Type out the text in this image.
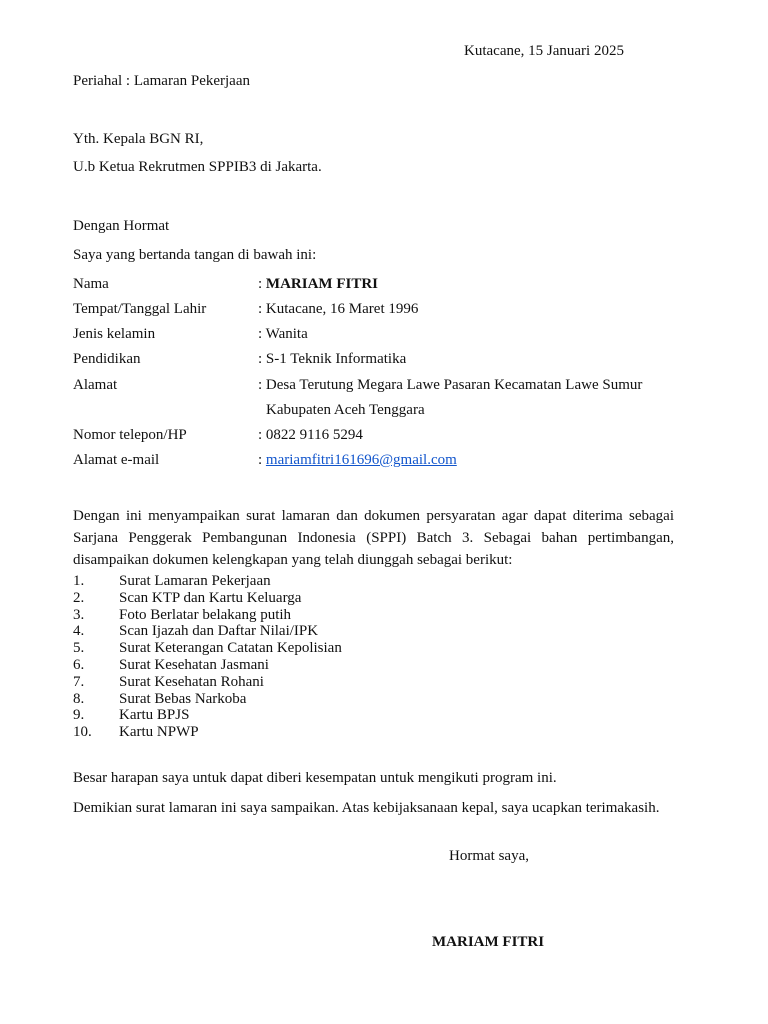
Kutacane, 15 Januari 2025
Periahal : Lamaran Pekerjaan
Yth. Kepala BGN RI,
U.b Ketua Rekrutmen SPPIB3 di Jakarta.
Dengan Hormat
Saya yang bertanda tangan di bawah ini:
Nama	: MARIAM FITRI
Tempat/Tanggal Lahir	: Kutacane, 16 Maret 1996
Jenis kelamin	: Wanita
Pendidikan	: S-1 Teknik Informatika
Alamat	: Desa Terutung Megara Lawe Pasaran Kecamatan Lawe Sumur
Kabupaten Aceh Tenggara
Nomor telepon/HP	: 0822 9116 5294
Alamat e-mail	: mariamfitri161696@gmail.com
Dengan ini menyampaikan surat lamaran dan dokumen persyaratan agar dapat diterima sebagai Sarjana Penggerak Pembangunan Indonesia (SPPI) Batch 3. Sebagai bahan pertimbangan, disampaikan dokumen kelengkapan yang telah diunggah sebagai berikut:
1. Surat Lamaran Pekerjaan
2. Scan KTP dan Kartu Keluarga
3. Foto Berlatar belakang putih
4. Scan Ijazah dan Daftar Nilai/IPK
5. Surat Keterangan Catatan Kepolisian
6. Surat Kesehatan Jasmani
7. Surat Kesehatan Rohani
8. Surat Bebas Narkoba
9. Kartu BPJS
10. Kartu NPWP
Besar harapan saya untuk dapat diberi kesempatan untuk mengikuti program ini.
Demikian surat lamaran ini saya sampaikan. Atas kebijaksanaan kepal, saya ucapkan terimakasih.
Hormat saya,
MARIAM FITRI
